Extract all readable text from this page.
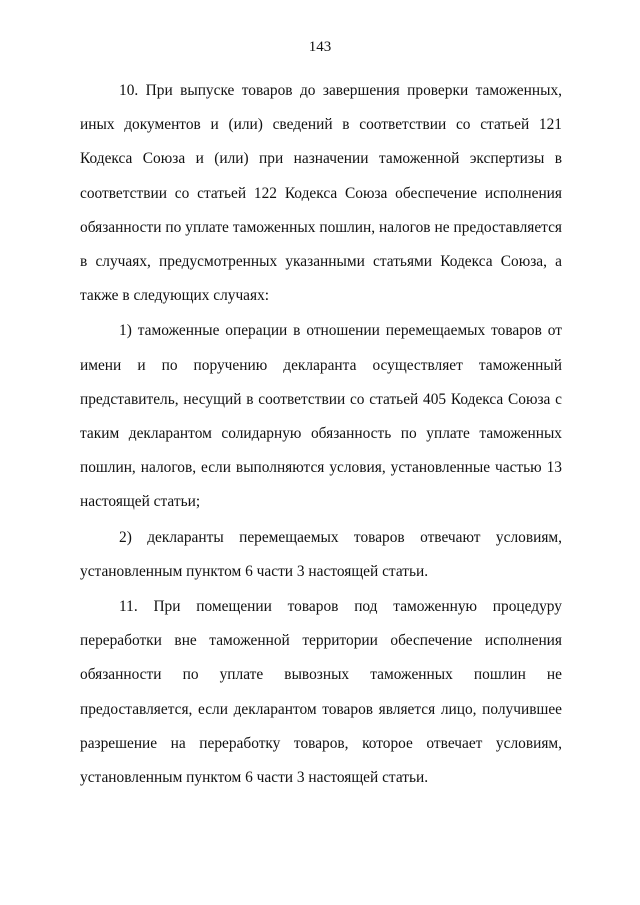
143

10. При выпуске товаров до завершения проверки таможенных, иных документов и (или) сведений в соответствии со статьей 121 Кодекса Союза и (или) при назначении таможенной экспертизы в соответствии со статьей 122 Кодекса Союза обеспечение исполнения обязанности по уплате таможенных пошлин, налогов не предоставляется в случаях, предусмотренных указанными статьями Кодекса Союза, а также в следующих случаях:

1) таможенные операции в отношении перемещаемых товаров от имени и по поручению декларанта осуществляет таможенный представитель, несущий в соответствии со статьей 405 Кодекса Союза с таким декларантом солидарную обязанность по уплате таможенных пошлин, налогов, если выполняются условия, установленные частью 13 настоящей статьи;

2) декларанты перемещаемых товаров отвечают условиям, установленным пунктом 6 части 3 настоящей статьи.

11. При помещении товаров под таможенную процедуру переработки вне таможенной территории обеспечение исполнения обязанности по уплате вывозных таможенных пошлин не предоставляется, если декларантом товаров является лицо, получившее разрешение на переработку товаров, которое отвечает условиям, установленным пунктом 6 части 3 настоящей статьи.
